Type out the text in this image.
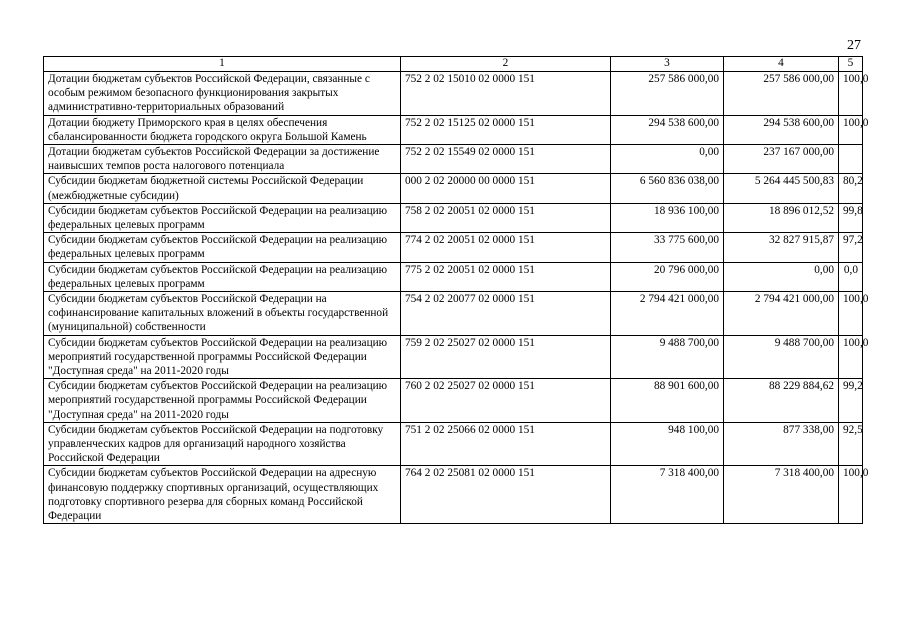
27
1	2	3	4	5
Дотации бюджетам субъектов Российской Федерации, связанные с особым режимом безопасного функционирования закрытых административно-территориальных образований	752 2 02 15010 02 0000 151	257 586 000,00	257 586 000,00	100,0
Дотации бюджету Приморского края в целях обеспечения сбалансированности бюджета городского округа Большой Камень	752 2 02 15125 02 0000 151	294 538 600,00	294 538 600,00	100,0
Дотации бюджетам субъектов Российской Федерации за достижение наивысших темпов роста налогового потенциала	752 2 02 15549 02 0000 151	0,00	237 167 000,00	
Субсидии бюджетам бюджетной системы Российской Федерации (межбюджетные субсидии)	000 2 02 20000 00 0000 151	6 560 836 038,00	5 264 445 500,83	80,2
Субсидии бюджетам субъектов Российской Федерации на реализацию федеральных целевых программ	758 2 02 20051 02 0000 151	18 936 100,00	18 896 012,52	99,8
Субсидии бюджетам субъектов Российской Федерации на реализацию федеральных целевых программ	774 2 02 20051 02 0000 151	33 775 600,00	32 827 915,87	97,2
Субсидии бюджетам субъектов Российской Федерации на реализацию федеральных целевых программ	775 2 02 20051 02 0000 151	20 796 000,00	0,00	0,0
Субсидии бюджетам субъектов Российской Федерации на софинансирование капитальных вложений в объекты государственной (муниципальной) собственности	754 2 02 20077 02 0000 151	2 794 421 000,00	2 794 421 000,00	100,0
Субсидии бюджетам субъектов Российской Федерации на реализацию мероприятий государственной программы Российской Федерации "Доступная среда" на 2011-2020 годы	759 2 02 25027 02 0000 151	9 488 700,00	9 488 700,00	100,0
Субсидии бюджетам субъектов Российской Федерации на реализацию мероприятий государственной программы Российской Федерации "Доступная среда" на 2011-2020 годы	760 2 02 25027 02 0000 151	88 901 600,00	88 229 884,62	99,2
Субсидии бюджетам субъектов Российской Федерации на подготовку управленческих кадров для организаций народного хозяйства Российской Федерации	751 2 02 25066 02 0000 151	948 100,00	877 338,00	92,5
Субсидии бюджетам субъектов Российской Федерации на адресную финансовую поддержку спортивных организаций, осуществляющих подготовку спортивного резерва для сборных команд Российской Федерации	764 2 02 25081 02 0000 151	7 318 400,00	7 318 400,00	100,0
